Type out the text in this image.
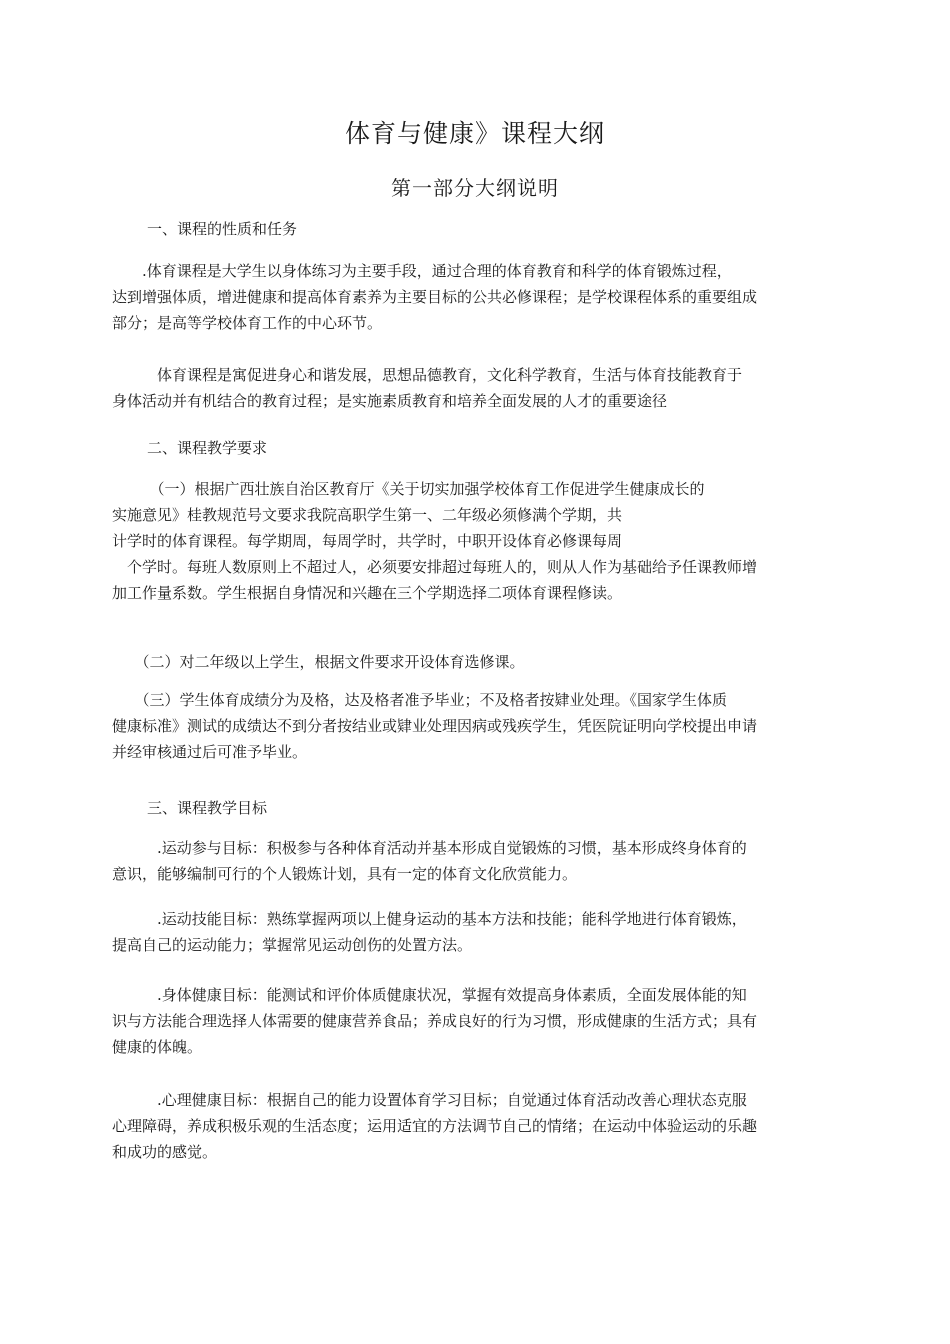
体育与健康》课程大纲
第一部分大纲说明
一、课程的性质和任务
　　.体育课程是大学生以身体练习为主要手段，通过合理的体育教育和科学的体育锻炼过程，
达到增强体质，增进健康和提高体育素养为主要目标的公共必修课程；是学校课程体系的重要组成
部分；是高等学校体育工作的中心环节。
　　　体育课程是寓促进身心和谐发展，思想品德教育，文化科学教育，生活与体育技能教育于
身体活动并有机结合的教育过程；是实施素质教育和培养全面发展的人才的重要途径
二、课程教学要求
　　　（一）根据广西壮族自治区教育厅《关于切实加强学校体育工作促进学生健康成长的
实施意见》桂教规范号文要求我院高职学生第一、二年级必须修满个学期，共
计学时的体育课程。每学期周，每周学时，共学时，中职开设体育必修课每周
　个学时。每班人数原则上不超过人，必须要安排超过每班人的，则从人作为基础给予任课教师增
加工作量系数。学生根据自身情况和兴趣在三个学期选择二项体育课程修读。
　　（二）对二年级以上学生，根据文件要求开设体育选修课。
　　（三）学生体育成绩分为及格，达及格者准予毕业；不及格者按肄业处理。《国家学生体质
健康标准》测试的成绩达不到分者按结业或肄业处理因病或残疾学生，凭医院证明向学校提出申请
并经审核通过后可准予毕业。
三、课程教学目标
　　　.运动参与目标：积极参与各种体育活动并基本形成自觉锻炼的习惯，基本形成终身体育的
意识，能够编制可行的个人锻炼计划，具有一定的体育文化欣赏能力。
　　　.运动技能目标：熟练掌握两项以上健身运动的基本方法和技能；能科学地进行体育锻炼，
提高自己的运动能力；掌握常见运动创伤的处置方法。
　　　.身体健康目标：能测试和评价体质健康状况，掌握有效提高身体素质，全面发展体能的知
识与方法能合理选择人体需要的健康营养食品；养成良好的行为习惯，形成健康的生活方式；具有
健康的体魄。
　　　.心理健康目标：根据自己的能力设置体育学习目标；自觉通过体育活动改善心理状态克服
心理障碍，养成积极乐观的生活态度；运用适宜的方法调节自己的情绪；在运动中体验运动的乐趣
和成功的感觉。
